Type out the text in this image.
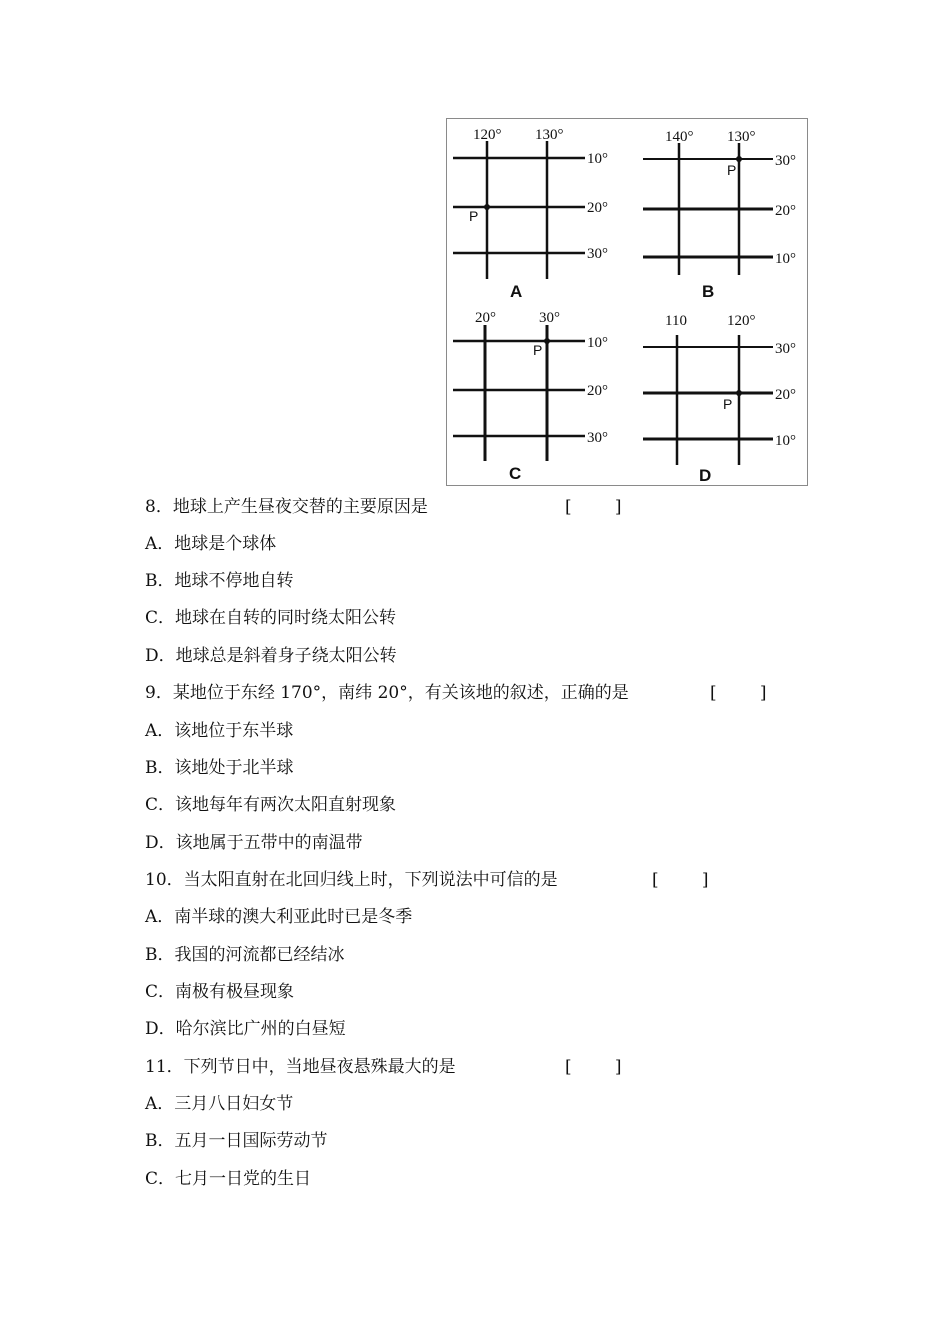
120° 130°
10°
20°
30°
P
A
140° 130°
30°
20°
10°
P
B
20°	30°
10°
20°
30°
P
C
110	120°
30°
20°
10°
P
D
8．地球上产生昼夜交替的主要原因是	[        ]
A．地球是个球体
B．地球不停地自转
C．地球在自转的同时绕太阳公转
D．地球总是斜着身子绕太阳公转
9．某地位于东经 170°，南纬 20°，有关该地的叙述，正确的是	[        ]
A．该地位于东半球
B．该地处于北半球
C．该地每年有两次太阳直射现象
D．该地属于五带中的南温带
10．当太阳直射在北回归线上时，下列说法中可信的是	[        ]
A．南半球的澳大利亚此时已是冬季
B．我国的河流都已经结冰
C．南极有极昼现象
D．哈尔滨比广州的白昼短
11．下列节日中，当地昼夜悬殊最大的是	[        ]
A．三月八日妇女节
B．五月一日国际劳动节
C．七月一日党的生日
